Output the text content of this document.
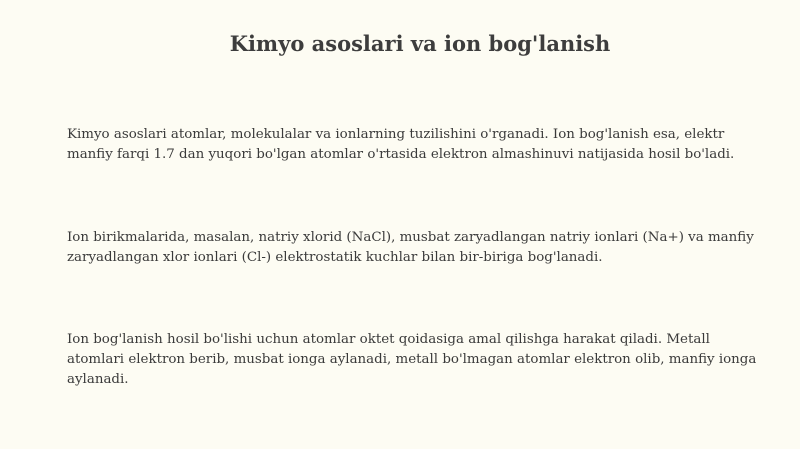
Kimyo asoslari va ion bog'lanish

Kimyo asoslari atomlar, molekulalar va ionlarning tuzilishini o'rganadi. Ion bog'lanish esa, elektr manfiy farqi 1.7 dan yuqori bo'lgan atomlar o'rtasida elektron almashinuvi natijasida hosil bo'ladi.

Ion birikmalarida, masalan, natriy xlorid (NaCl), musbat zaryadlangan natriy ionlari (Na+) va manfiy zaryadlangan xlor ionlari (Cl-) elektrostatik kuchlar bilan bir-biriga bog'lanadi.

Ion bog'lanish hosil bo'lishi uchun atomlar oktet qoidasiga amal qilishga harakat qiladi. Metall atomlari elektron berib, musbat ionga aylanadi, metall bo'lmagan atomlar elektron olib, manfiy ionga aylanadi.
